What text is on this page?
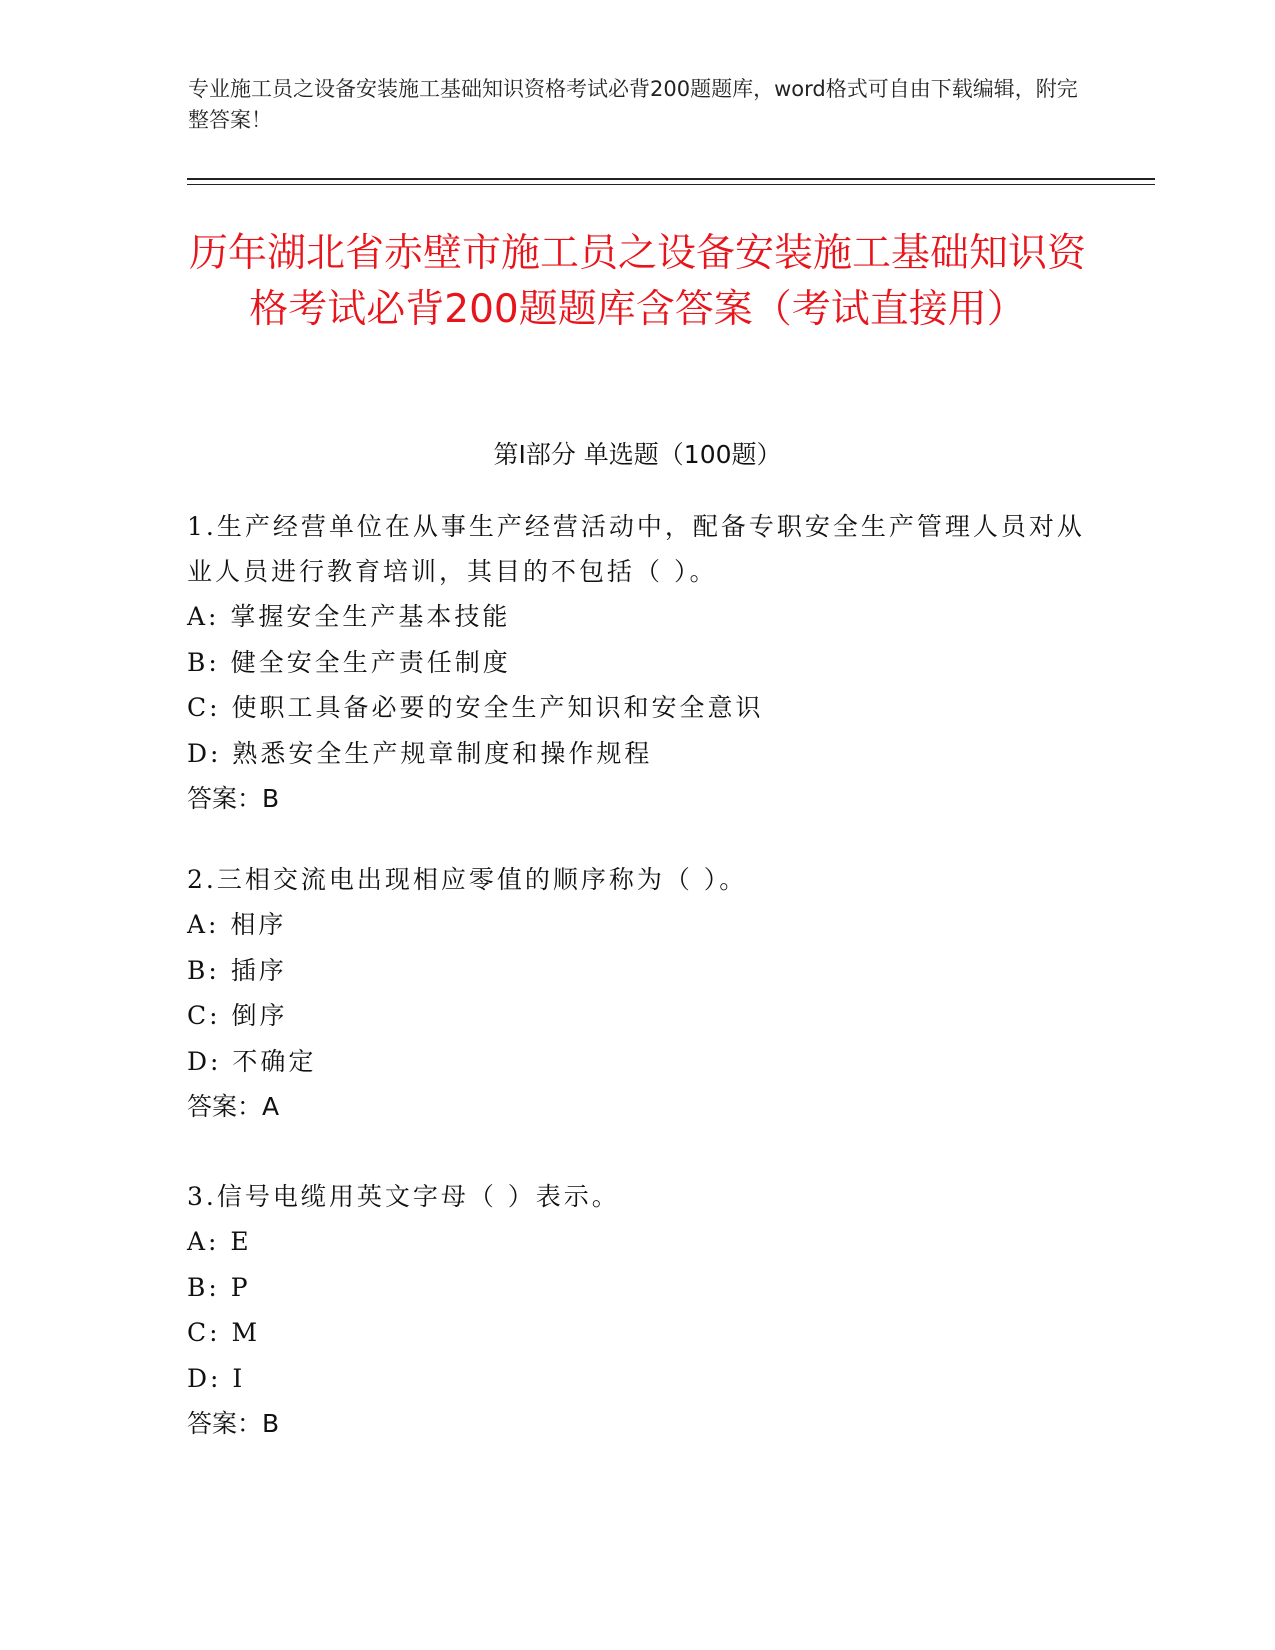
专业施工员之设备安装施工基础知识资格考试必背200题题库，word格式可自由下载编辑，附完整答案！
历年湖北省赤壁市施工员之设备安装施工基础知识资格考试必背200题题库含答案（考试直接用）
第Ⅰ部分 单选题（100题）

1.生产经营单位在从事生产经营活动中，配备专职安全生产管理人员对从业人员进行教育培训，其目的不包括（ ）。

A: 掌握安全生产基本技能

B: 健全安全生产责任制度

C: 使职工具备必要的安全生产知识和安全意识

D: 熟悉安全生产规章制度和操作规程

答案：B

2.三相交流电出现相应零值的顺序称为（ ）。

A: 相序

B: 插序

C: 倒序

D: 不确定

答案：A

3.信号电缆用英文字母（ ）表示。

A: E

B: P

C: M

D: I

答案：B
